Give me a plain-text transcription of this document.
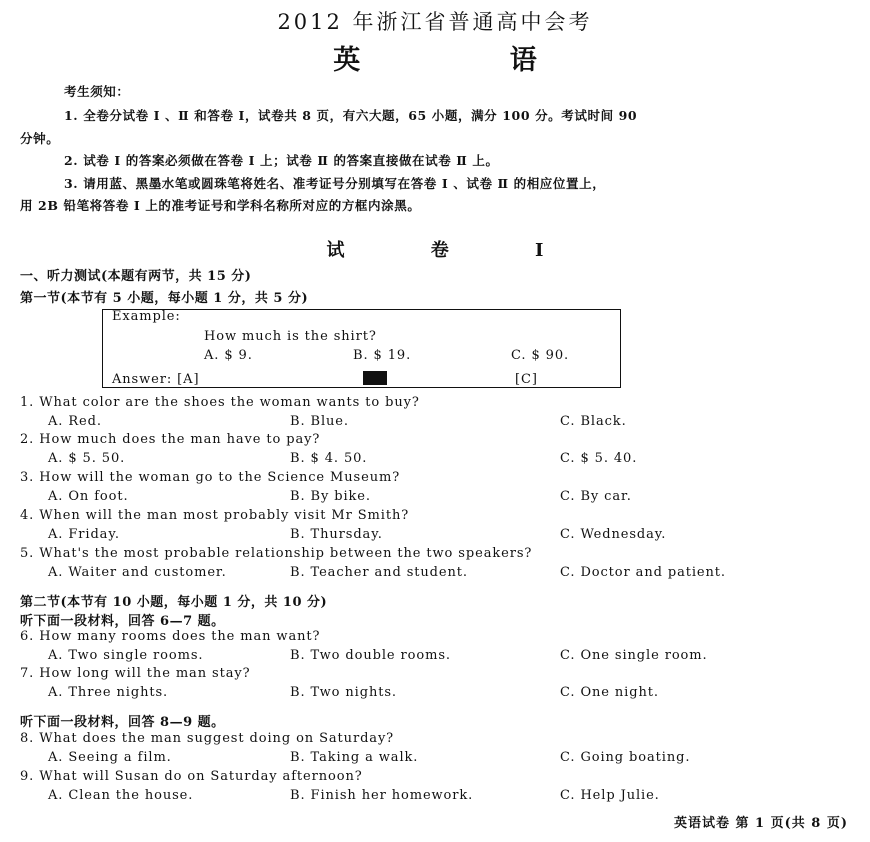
2012 年浙江省普通高中会考
英 语
考生须知：
1. 全卷分试卷 Ⅰ 、Ⅱ 和答卷 Ⅰ，试卷共 8 页，有六大题，65 小题，满分 100 分。考试时间 90
分钟。
2. 试卷 Ⅰ 的答案必须做在答卷 Ⅰ 上；试卷 Ⅱ 的答案直接做在试卷 Ⅱ 上。
3. 请用蓝、黑墨水笔或圆珠笔将姓名、准考证号分别填写在答卷 Ⅰ 、试卷 Ⅱ 的相应位置上，
用 2B 铅笔将答卷 Ⅰ 上的准考证号和学科名称所对应的方框内涂黑。
试 卷 Ⅰ
一、听力测试(本题有两节，共 15 分)
第一节(本节有 5 小题，每小题 1 分，共 5 分)
Example:
How much is the shirt?
A. $ 9.	B. $ 19.	C. $ 90.
Answer: [A]	[C]
1. What color are the shoes the woman wants to buy?
A. Red.	B. Blue.	C. Black.
2. How much does the man have to pay?
A. $ 5. 50.	B. $ 4. 50.	C. $ 5. 40.
3. How will the woman go to the Science Museum?
A. On foot.	B. By bike.	C. By car.
4. When will the man most probably visit Mr Smith?
A. Friday.	B. Thursday.	C. Wednesday.
5. What's the most probable relationship between the two speakers?
A. Waiter and customer.	B. Teacher and student.	C. Doctor and patient.
第二节(本节有 10 小题，每小题 1 分，共 10 分)
听下面一段材料，回答 6—7 题。
6. How many rooms does the man want?
A. Two single rooms.	B. Two double rooms.	C. One single room.
7. How long will the man stay?
A. Three nights.	B. Two nights.	C. One night.
听下面一段材料，回答 8—9 题。
8. What does the man suggest doing on Saturday?
A. Seeing a film.	B. Taking a walk.	C. Going boating.
9. What will Susan do on Saturday afternoon?
A. Clean the house.	B. Finish her homework.	C. Help Julie.
英语试卷 第 1 页(共 8 页)
